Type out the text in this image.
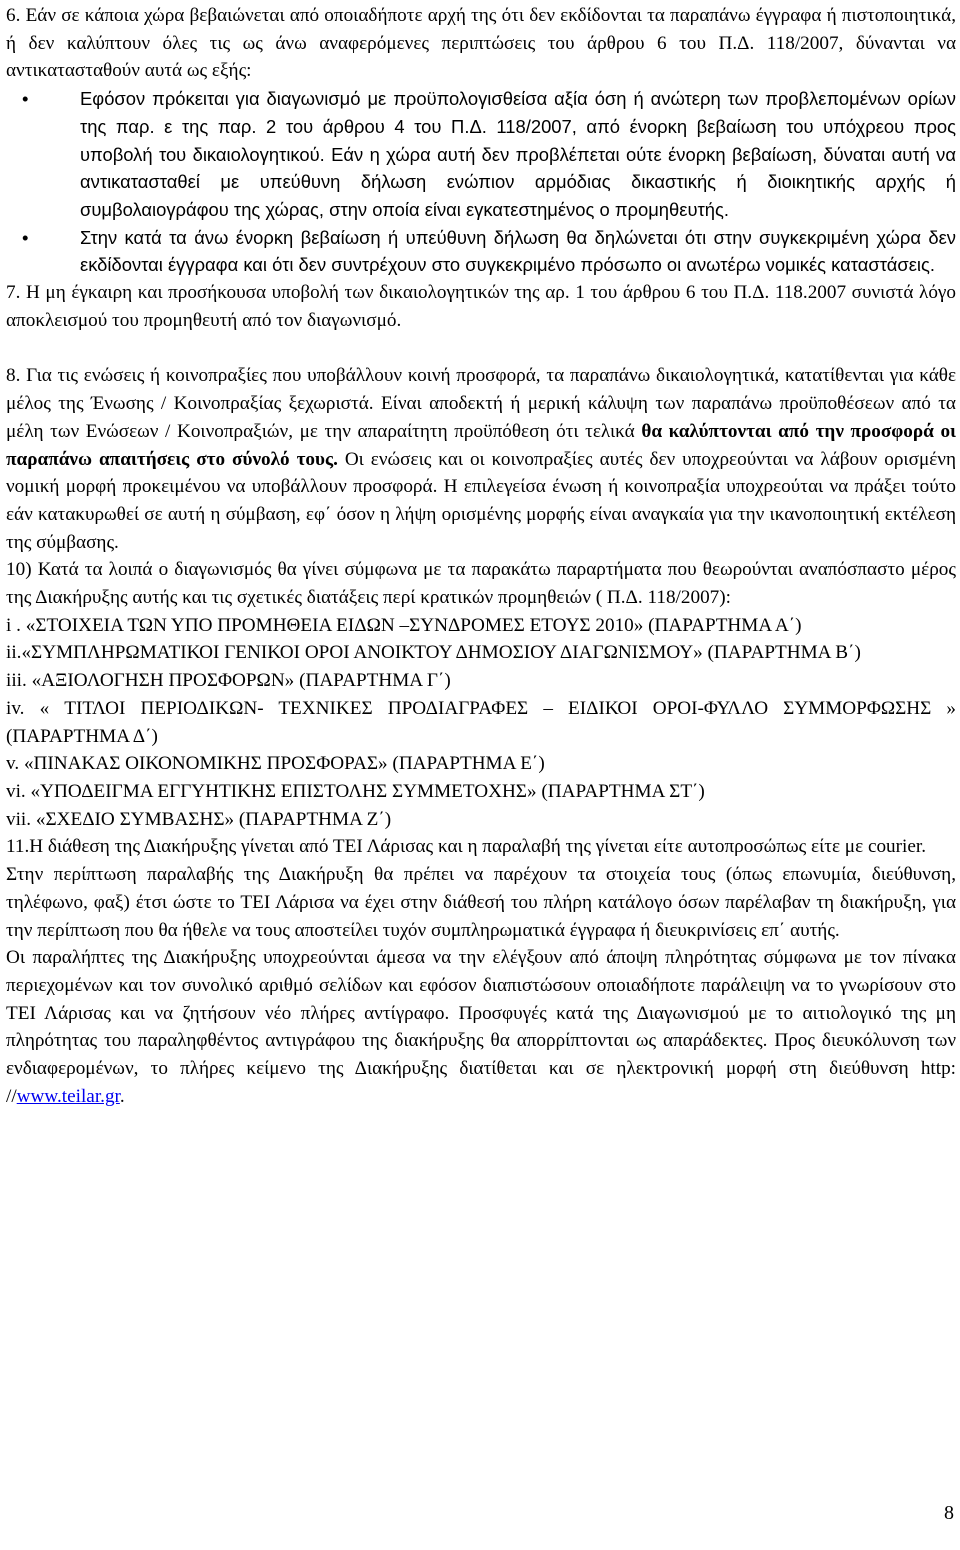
6. Εάν σε κάποια χώρα βεβαιώνεται από οποιαδήποτε αρχή της ότι δεν εκδίδονται τα παραπάνω έγγραφα ή πιστοποιητικά, ή δεν καλύπτουν όλες τις ως άνω αναφερόμενες περιπτώσεις του άρθρου 6 του Π.Δ. 118/2007, δύνανται να αντικατασταθούν αυτά ως εξής:

•	Εφόσον πρόκειται για διαγωνισμό με προϋπολογισθείσα αξία όση ή ανώτερη των προβλεπομένων ορίων της παρ. ε της παρ. 2 του άρθρου 4 του Π.Δ. 118/2007, από ένορκη βεβαίωση του υπόχρεου προς υποβολή του δικαιολογητικού. Εάν η χώρα αυτή δεν προβλέπεται ούτε ένορκη βεβαίωση, δύναται αυτή να αντικατασταθεί με υπεύθυνη δήλωση ενώπιον αρμόδιας δικαστικής ή διοικητικής αρχής ή συμβολαιογράφου της χώρας, στην οποία είναι εγκατεστημένος ο προμηθευτής.
•	Στην κατά τα άνω ένορκη βεβαίωση ή υπεύθυνη δήλωση θα δηλώνεται ότι στην συγκεκριμένη χώρα δεν εκδίδονται έγγραφα και ότι δεν συντρέχουν στο συγκεκριμένο πρόσωπο οι ανωτέρω νομικές καταστάσεις.

7. Η μη έγκαιρη και προσήκουσα υποβολή των δικαιολογητικών της αρ. 1 του άρθρου 6 του Π.Δ. 118.2007 συνιστά λόγο αποκλεισμού του προμηθευτή από τον διαγωνισμό.

8. Για τις ενώσεις ή κοινοπραξίες που υποβάλλουν κοινή προσφορά, τα παραπάνω δικαιολογητικά, κατατίθενται για κάθε μέλος της Ένωσης / Κοινοπραξίας ξεχωριστά. Είναι αποδεκτή ή μερική κάλυψη των παραπάνω προϋποθέσεων από τα μέλη των Ενώσεων / Κοινοπραξιών, με την απαραίτητη προϋπόθεση ότι τελικά θα καλύπτονται από την προσφορά οι παραπάνω απαιτήσεις στο σύνολό τους. Οι ενώσεις και οι κοινοπραξίες αυτές δεν υποχρεούνται να λάβουν ορισμένη νομική μορφή προκειμένου να υποβάλλουν προσφορά. Η επιλεγείσα ένωση ή κοινοπραξία υποχρεούται να πράξει τούτο εάν κατακυρωθεί σε αυτή η σύμβαση, εφ΄ όσον η λήψη ορισμένης μορφής είναι αναγκαία για την ικανοποιητική εκτέλεση της σύμβασης.

10) Κατά τα λοιπά ο διαγωνισμός θα γίνει σύμφωνα με τα παρακάτω παραρτήματα που θεωρούνται αναπόσπαστο μέρος της Διακήρυξης αυτής και τις σχετικές διατάξεις περί κρατικών προμηθειών ( Π.Δ. 118/2007):

i . «ΣΤΟΙΧΕΙΑ ΤΩΝ ΥΠΟ ΠΡΟΜΗΘΕΙΑ ΕΙΔΩΝ –ΣΥΝΔΡΟΜΕΣ ΕΤΟΥΣ 2010» (ΠΑΡΑΡΤΗΜΑ Α΄)

ii.«ΣΥΜΠΛΗΡΩΜΑΤΙΚΟΙ ΓΕΝΙΚΟΙ ΟΡΟΙ ΑΝΟΙΚΤΟΥ ΔΗΜΟΣΙΟΥ ΔΙΑΓΩΝΙΣΜΟΥ» (ΠΑΡΑΡΤΗΜΑ Β΄)

iii. «ΑΞΙΟΛΟΓΗΣΗ ΠΡΟΣΦΟΡΩΝ» (ΠΑΡΑΡΤΗΜΑ Γ΄)

iv. « ΤΙΤΛΟΙ ΠΕΡΙΟΔΙΚΩΝ- ΤΕΧΝΙΚΕΣ ΠΡΟΔΙΑΓΡΑΦΕΣ – ΕΙΔΙΚΟΙ ΟΡΟΙ-ΦΥΛΛΟ ΣΥΜΜΟΡΦΩΣΗΣ » (ΠΑΡΑΡΤΗΜΑ Δ΄)

v. «ΠΙΝΑΚΑΣ ΟΙΚΟΝΟΜΙΚΗΣ ΠΡΟΣΦΟΡΑΣ» (ΠΑΡΑΡΤΗΜΑ Ε΄)

vi. «ΥΠΟΔΕΙΓΜΑ ΕΓΓΥΗΤΙΚΗΣ ΕΠΙΣΤΟΛΗΣ ΣΥΜΜΕΤΟΧΗΣ» (ΠΑΡΑΡΤΗΜΑ ΣΤ΄)

vii. «ΣΧΕΔΙΟ ΣΥΜΒΑΣΗΣ» (ΠΑΡΑΡΤΗΜΑ Ζ΄)

11.Η διάθεση της Διακήρυξης γίνεται από ΤΕΙ Λάρισας και η παραλαβή της γίνεται είτε αυτοπροσώπως είτε με courier.

Στην περίπτωση παραλαβής της Διακήρυξη θα πρέπει να παρέχουν τα στοιχεία τους (όπως επωνυμία, διεύθυνση, τηλέφωνο, φαξ) έτσι ώστε το ΤΕΙ Λάρισα να έχει στην διάθεσή του πλήρη κατάλογο όσων παρέλαβαν τη διακήρυξη, για την περίπτωση που θα ήθελε να τους αποστείλει τυχόν συμπληρωματικά έγγραφα ή διευκρινίσεις επ΄ αυτής.

Οι παραλήπτες της Διακήρυξης υποχρεούνται άμεσα να την ελέγξουν από άποψη πληρότητας σύμφωνα με τον πίνακα περιεχομένων και τον συνολικό αριθμό σελίδων και εφόσον διαπιστώσουν οποιαδήποτε παράλειψη να το γνωρίσουν στο ΤΕΙ Λάρισας και να ζητήσουν νέο πλήρες αντίγραφο. Προσφυγές κατά της Διαγωνισμού με το αιτιολογικό της μη πληρότητας του παραληφθέντος αντιγράφου της διακήρυξης θα απορρίπτονται ως απαράδεκτες. Προς διευκόλυνση των ενδιαφερομένων, το πλήρες κείμενο της Διακήρυξης διατίθεται και σε ηλεκτρονική μορφή στη διεύθυνση http: //www.teilar.gr.

8
